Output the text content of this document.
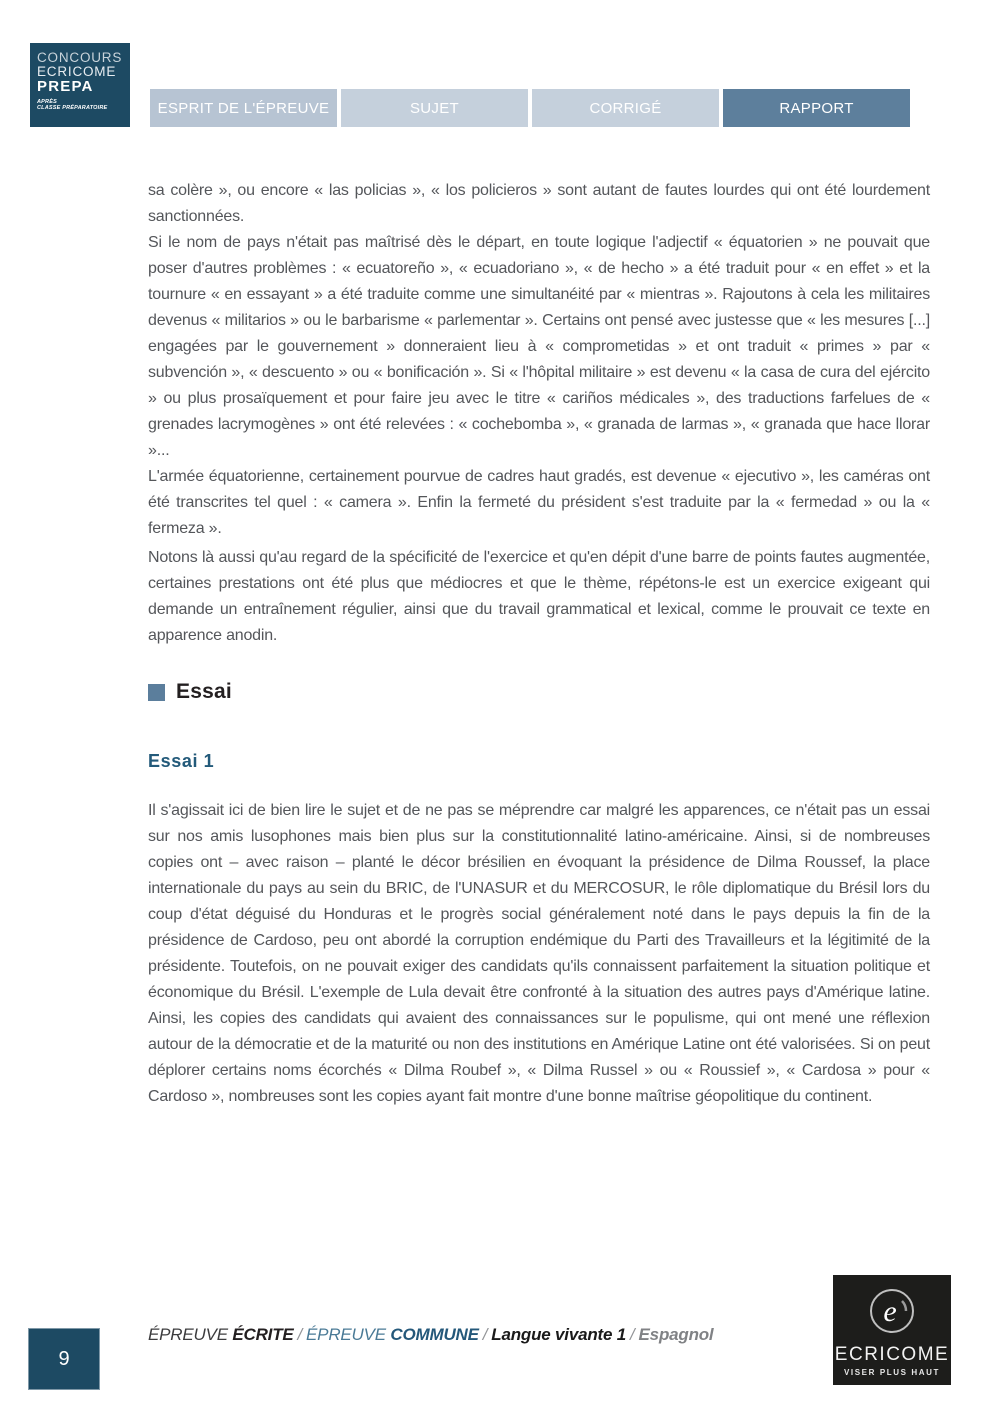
CONCOURS
ECRICOME
PREPA
APRÈS
CLASSE PRÉPARATOIRE	ESPRIT DE L'ÉPREUVE	SUJET	CORRIGÉ	RAPPORT

sa colère », ou encore « las policias », « los policieros » sont autant de fautes lourdes qui ont été lourdement sanctionnées.

Si le nom de pays n'était pas maîtrisé dès le départ, en toute logique l'adjectif « équatorien » ne pouvait que poser d'autres problèmes : « ecuatoreño », « ecuadoriano », « de hecho » a été traduit pour « en effet » et la tournure « en essayant » a été traduite comme une simultanéité par « mientras ». Rajoutons à cela les militaires devenus « militarios » ou le barbarisme « parlementar ». Certains ont pensé avec justesse que « les mesures [...] engagées par le gouvernement » donneraient lieu à « comprometidas » et ont traduit « primes » par « subvención », « descuento » ou « bonificación ». Si « l'hôpital militaire » est devenu « la casa de cura del ejército » ou plus prosaïquement et pour faire jeu avec le titre « cariños médicales », des traductions farfelues de « grenades lacrymogènes » ont été relevées : « cochebomba », « granada de larmas », « granada que hace llorar »...

L'armée équatorienne, certainement pourvue de cadres haut gradés, est devenue « ejecutivo », les caméras ont été transcrites tel quel : « camera ». Enfin la fermeté du président s'est traduite par la « fermedad » ou la « fermeza ».

Notons là aussi qu'au regard de la spécificité de l'exercice et qu'en dépit d'une barre de points fautes augmentée, certaines prestations ont été plus que médiocres et que le thème, répétons-le est un exercice exigeant qui demande un entraînement régulier, ainsi que du travail grammatical et lexical, comme le prouvait ce texte en apparence anodin.

Essai
Essai 1

Il s'agissait ici de bien lire le sujet et de ne pas se méprendre car malgré les apparences, ce n'était pas un essai sur nos amis lusophones mais bien plus sur la constitutionnalité latino-américaine. Ainsi, si de nombreuses copies ont – avec raison – planté le décor brésilien en évoquant la présidence de Dilma Roussef, la place internationale du pays au sein du BRIC, de l'UNASUR et du MERCOSUR, le rôle diplomatique du Brésil lors du coup d'état déguisé du Honduras et le progrès social généralement noté dans le pays depuis la fin de la présidence de Cardoso, peu ont abordé la corruption endémique du Parti des Travailleurs et la légitimité de la présidente. Toutefois, on ne pouvait exiger des candidats qu'ils connaissent parfaitement la situation politique et économique du Brésil. L'exemple de Lula devait être confronté à la situation des autres pays d'Amérique latine. Ainsi, les copies des candidats qui avaient des connaissances sur le populisme, qui ont mené une réflexion autour de la démocratie et de la maturité ou non des institutions en Amérique Latine ont été valorisées. Si on peut déplorer certains noms écorchés « Dilma Roubef », « Dilma Russel » ou « Roussief », « Cardosa » pour « Cardoso », nombreuses sont les copies ayant fait montre d'une bonne maîtrise géopolitique du continent.

ÉPREUVE ÉCRITE / ÉPREUVE COMMUNE / Langue vivante 1 / Espagnol
9
e
ECRICOME
VISER PLUS HAUT
